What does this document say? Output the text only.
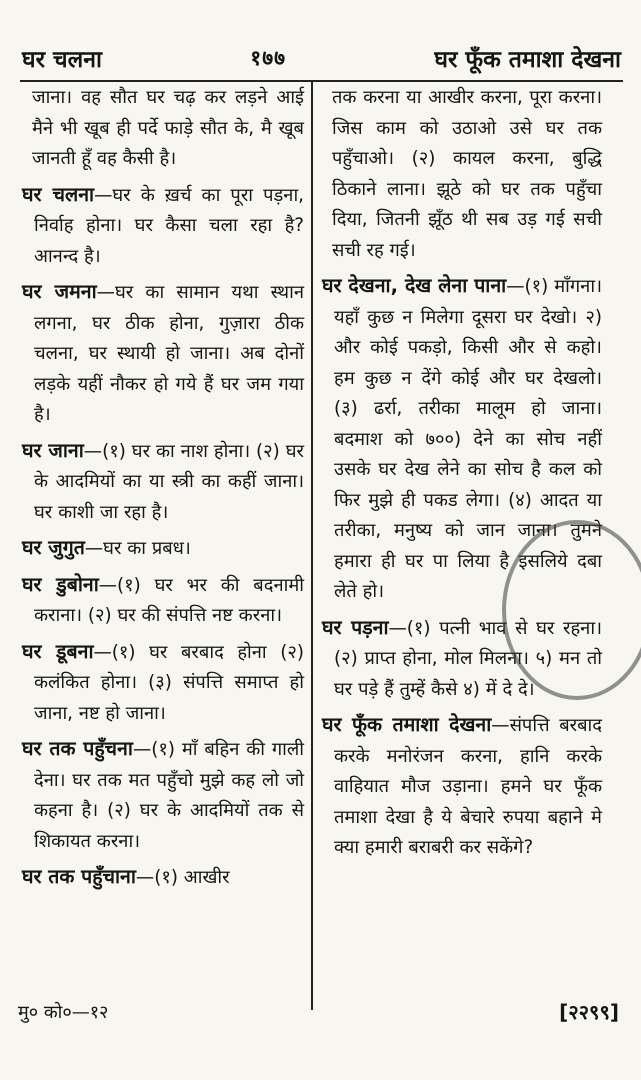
घर चलना	१७७	घर फूँक तमाशा देखना

जाना। वह सौत घर चढ़ कर लड़ने आई मैने भी खूब ही पर्दे फाड़े सौत के, मै खूब जानती हूँ वह कैसी है।

घर चलना—घर के ख़र्च का पूरा पड़ना, निर्वाह होना। घर कैसा चला रहा है? आनन्द है।

घर जमना—घर का सामान यथा स्थान लगना, घर ठीक होना, गुज़ारा ठीक चलना, घर स्थायी हो जाना। अब दोनों लड़के यहीं नौकर हो गये हैं घर जम गया है।

घर जाना—(१) घर का नाश होना। (२) घर के आदमियों का या स्त्री का कहीं जाना। घर काशी जा रहा है।

घर जुगुत—घर का प्रबध।

घर डुबोना—(१) घर भर की बदनामी कराना। (२) घर की संपत्ति नष्ट करना।

घर डूबना—(१) घर बरबाद होना (२) कलंकित होना। (३) संपत्ति समाप्त हो जाना, नष्ट हो जाना।

घर तक पहुँचना—(१) माँ बहिन की गाली देना। घर तक मत पहुँचो मुझे कह लो जो कहना है। (२) घर के आदमियों तक से शिकायत करना।

घर तक पहुँचाना—(१) आखीर

तक करना या आखीर करना, पूरा करना। जिस काम को उठाओ उसे घर तक पहुँचाओ। (२) कायल करना, बुद्धि ठिकाने लाना। झूठे को घर तक पहुँचा दिया, जितनी झूँठ थी सब उड़ गई सची सची रह गई।

घर देखना, देख लेना पाना—(१) माँगना। यहाँ कुछ न मिलेगा दूसरा घर देखो। २) और कोई पकड़ो, किसी और से कहो। हम कुछ न देंगे कोई और घर देखलो। (३) ढर्रा, तरीका मालूम हो जाना। बदमाश को ७००) देने का सोच नहीं उसके घर देख लेने का सोच है कल को फिर मुझे ही पकड लेगा। (४) आदत या तरीका, मनुष्य को जान जाना। तुमने हमारा ही घर पा लिया है इसलिये दबा लेते हो।

घर पड़ना—(१) पत्नी भाव से घर रहना। (२) प्राप्त होना, मोल मिलना। ५) मन तो घर पड़े हैं तुम्हें कैसे ४) में दे दे।

घर फूँक तमाशा देखना—संपत्ति बरबाद करके मनोरंजन करना, हानि करके वाहियात मौज उड़ाना। हमने घर फूँक तमाशा देखा है ये बेचारे रुपया बहाने मे क्या हमारी बराबरी कर सकेंगे?

मु० को०—१२	[२२९९]
